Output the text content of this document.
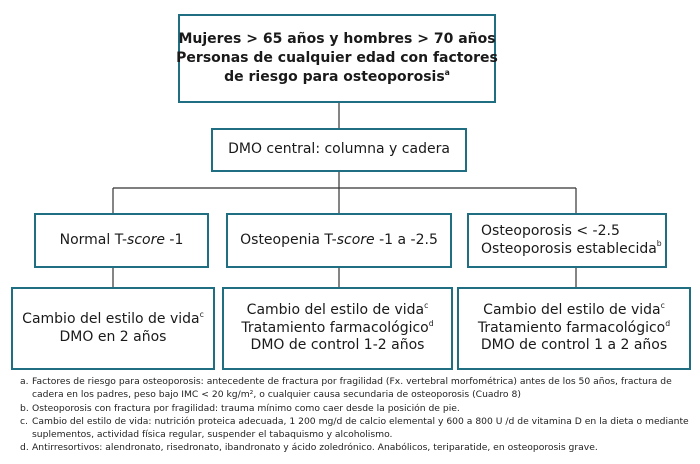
Mujeres > 65 años y hombres > 70 años
Personas de cualquier edad con factores
de riesgo para osteoporosis$^a$
DMO central: columna y cadera
Normal T-score -1	Osteopenia T-score -1 a -2.5
Osteoporosis < -2.5
Osteoporosis establecida$^b$
Cambio del estilo de vida$^c$
DMO en 2 años
Cambio del estilo de vida$^c$
Tratamiento farmacológico$^d$
DMO de control 1-2 años
Cambio del estilo de vida$^c$
Tratamiento farmacológico$^d$
DMO de control 1 a 2 años
a. Factores de riesgo para osteoporosis: antecedente de fractura por fragilidad (Fx. vertebral morfométrica) antes de los 50 años, fractura de cadera en los padres, peso bajo IMC < 20 kg/m², o cualquier causa secundaria de osteoporosis (Cuadro 8)
b. Osteoporosis con fractura por fragilidad: trauma mínimo como caer desde la posición de pie.
c. Cambio del estilo de vida: nutrición proteica adecuada, 1 200 mg/d de calcio elemental y 600 a 800 U /d de vitamina D en la dieta o mediante suplementos, actividad física regular, suspender el tabaquismo y alcoholismo.
d. Antirresortivos: alendronato, risedronato, ibandronato y ácido zoledrónico. Anabólicos, teriparatide, en osteoporosis grave.
